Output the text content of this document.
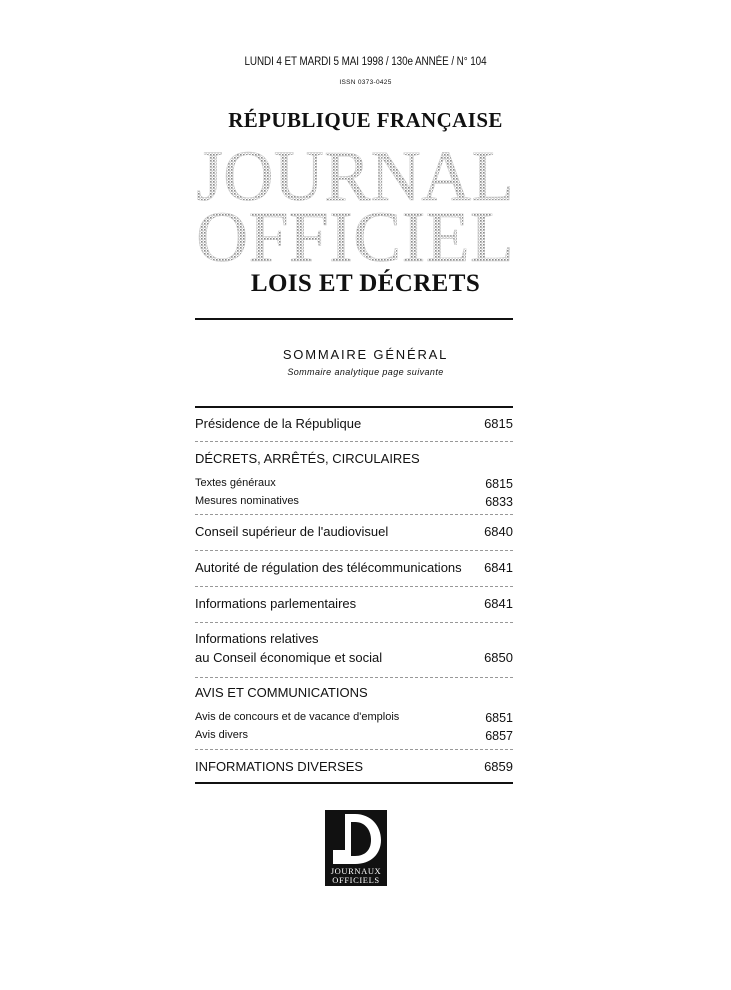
LUNDI 4 ET MARDI 5 MAI 1998 / 130e ANNÉE / N° 104
ISSN 0373-0425
RÉPUBLIQUE FRANÇAISE
JOURNAL
OFFICIEL
LOIS ET DÉCRETS
SOMMAIRE GÉNÉRAL
Sommaire analytique page suivante
Présidence de la République	6815
DÉCRETS, ARRÊTÉS, CIRCULAIRES
Textes généraux	6815
Mesures nominatives	6833
Conseil supérieur de l'audiovisuel	6840
Autorité de régulation des télécommunications 6841
Informations parlementaires	6841
Informations relatives
au Conseil économique et social	6850
AVIS ET COMMUNICATIONS
Avis de concours et de vacance d'emplois	6851
Avis divers	6857
INFORMATIONS DIVERSES	6859
JOURNAUX
OFFICIELS
